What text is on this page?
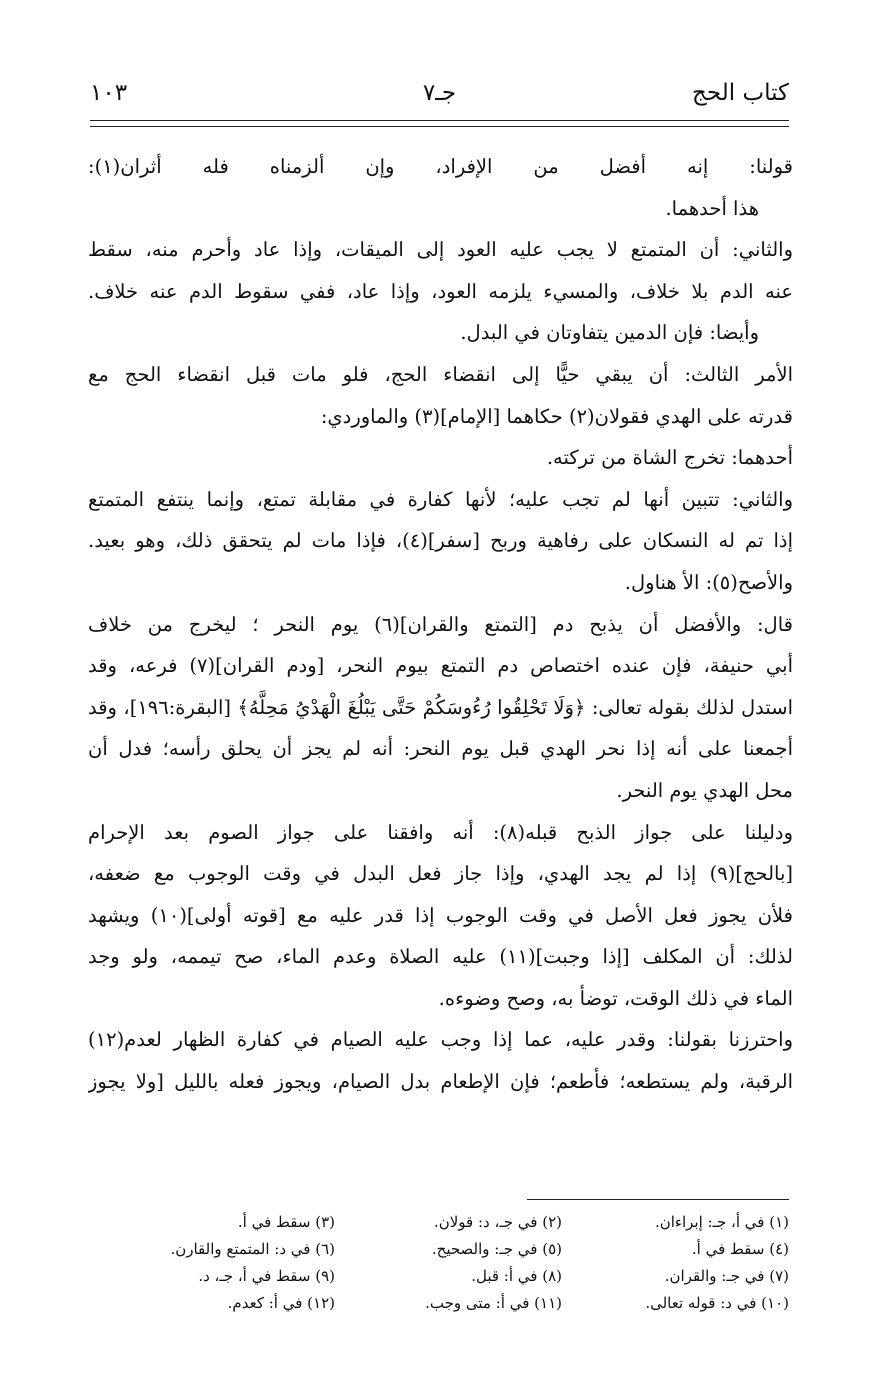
١٠٣	جـ٧	كتاب الحج
قولنا: إنه أفضل من الإفراد، وإن ألزمناه فله أثران(١):
هذا أحدهما.
والثاني: أن المتمتع لا يجب عليه العود إلى الميقات، وإذا عاد وأحرم منه، سقط
عنه الدم بلا خلاف، والمسيء يلزمه العود، وإذا عاد، ففي سقوط الدم عنه خلاف.
وأيضا: فإن الدمين يتفاوتان في البدل.
الأمر الثالث: أن يبقي حيًّا إلى انقضاء الحج، فلو مات قبل انقضاء الحج مع
قدرته على الهدي فقولان(٢) حكاهما [الإمام](٣) والماوردي:
أحدهما: تخرج الشاة من تركته.
والثاني: تتبين أنها لم تجب عليه؛ لأنها كفارة في مقابلة تمتع، وإنما ينتفع المتمتع
إذا تم له النسكان على رفاهية وربح [سفر](٤)، فإذا مات لم يتحقق ذلك، وهو بعيد.
والأصح(٥): الأ هناول.
قال: والأفضل أن يذبح دم [التمتع والقران](٦) يوم النحر ؛ ليخرج من خلاف
أبي حنيفة، فإن عنده اختصاص دم التمتع بيوم النحر، [ودم القران](٧) فرعه، وقد
استدل لذلك بقوله تعالى: ﴿وَلَا تَحْلِقُوا رُءُوسَكُمْ حَتَّى يَبْلُغَ الْهَدْيُ مَحِلَّهُ﴾ [البقرة:١٩٦]، وقد
أجمعنا على أنه إذا نحر الهدي قبل يوم النحر: أنه لم يجز أن يحلق رأسه؛ فدل أن
محل الهدي يوم النحر.
ودليلنا على جواز الذبح قبله(٨): أنه وافقنا على جواز الصوم بعد الإحرام
[بالحج](٩) إذا لم يجد الهدي، وإذا جاز فعل البدل في وقت الوجوب مع ضعفه،
فلأن يجوز فعل الأصل في وقت الوجوب إذا قدر عليه مع [قوته أولى](١٠) ويشهد
لذلك: أن المكلف [إذا وجبت](١١) عليه الصلاة وعدم الماء، صح تيممه، ولو وجد
الماء في ذلك الوقت، توضأ به، وصح وضوءه.
واحترزنا بقولنا: وقدر عليه، عما إذا وجب عليه الصيام في كفارة الظهار لعدم(١٢)
الرقبة، ولم يستطعه؛ فأطعم؛ فإن الإطعام بدل الصيام، ويجوز فعله بالليل [ولا يجوز
(١) في أ، جـ: إبراءان.(٢) في جـ، د: قولان.(٣) سقط في أ.
(٤) سقط في أ.(٥) في جـ: والصحيح.(٦) في د: المتمتع والقارن.
(٧) في جـ: والقران.(٨) في أ: قبل.(٩) سقط في أ، جـ، د.
(١٠) في د: قوله تعالى.(١١) في أ: متى وجب.(١٢) في أ: كعدم.
